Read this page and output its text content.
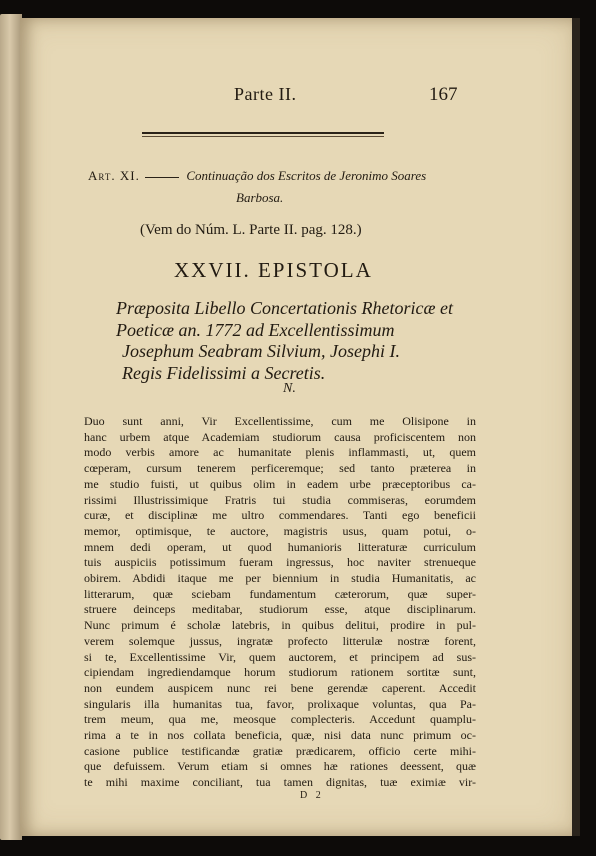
Parte II.	167
Art. XI.	Continuação dos Escritos de Jeronimo Soares
Barbosa.
(Vem do Núm. L. Parte II. pag. 128.)
XXVII. EPISTOLA
Præposita Libello Concertationis Rhetoricæ et
Poeticæ an. 1772 ad Excellentissimum
Josephum Seabram Silvium, Josephi I.
Regis Fidelissimi a Secretis.
N.
Duo sunt anni, Vir Excellentissime, cum me Olisipone in
hanc urbem atque Academiam studiorum causa proficiscentem non
modo verbis amore ac humanitate plenis inflammasti, ut, quem
cœperam, cursum tenerem perficeremque; sed tanto præterea in
me studio fuisti, ut quibus olim in eadem urbe præceptoribus ca-
rissimi Illustrissimique Fratris tui studia commiseras, eorumdem
curæ, et disciplinæ me ultro commendares. Tanti ego beneficii
memor, optimisque, te auctore, magistris usus, quam potui, o-
mnem dedi operam, ut quod humanioris litteraturæ curriculum
tuis auspiciis potissimum fueram ingressus, hoc naviter strenueque
obirem. Abdidi itaque me per biennium in studia Humanitatis, ac
litterarum, quæ sciebam fundamentum cæterorum, quæ super-
struere deinceps meditabar, studiorum esse, atque disciplinarum.
Nunc primum é scholæ latebris, in quibus delitui, prodire in pul-
verem solemque jussus, ingratæ profecto litterulæ nostræ forent,
si te, Excellentissime Vir, quem auctorem, et principem ad sus-
cipiendam ingrediendamque horum studiorum rationem sortitæ sunt,
non eundem auspicem nunc rei bene gerendæ caperent. Accedit
singularis illa humanitas tua, favor, prolixaque voluntas, qua Pa-
trem meum, qua me, meosque complecteris. Accedunt quamplu-
rima a te in nos collata beneficia, quæ, nisi data nunc primum oc-
casione publice testificandæ gratiæ prædicarem, officio certe mihi-
que defuissem. Verum etiam si omnes hæ rationes deessent, quæ
te mihi maxime conciliant, tua tamen dignitas, tuæ eximiæ vir-
D 2
